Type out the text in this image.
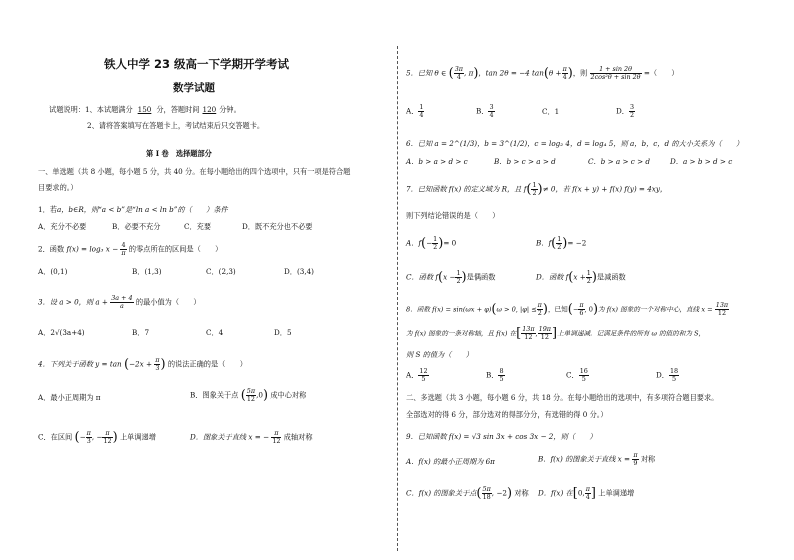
铁人中学 23 级高一下学期开学考试
数学试题
试题说明：1、本试题满分 150 分，答题时间 120 分钟。
2、请将答案填写在答题卡上，考试结束后只交答题卡。
第 Ⅰ 卷　选择题部分
一、单选题（共 8 小题，每小题 5 分，共 40 分。在每小题给出的四个选项中，只有一项是符合题
目要求的。）
1．若a，b∈R，则“a < b”是“ln a < ln b”的（　　）条件
A．充分不必要	B．必要不充分	C．充要	D．既不充分也不必要
2．函数 f(x) = log₃ $x - \frac{4}{\pi}$ 的零点所在的区间是（　　）
A．(0,1)	B．(1,3)	C．(2,3)	D．(3,4)
3．设 a > 0，则 $a + \frac{3a + 4}{a}$ 的最小值为（　　）
A．2√(3a+4)	B．7	C．4	D．5
4．下列关于函数 $y = \tan (-2x + \frac{\pi}{3}$ ) 的说法正确的是（　　）
A．最小正周期为 π	B．图象关于点 ( $\frac{5\pi}{12} ,0$) 成中心对称
C．在区间 (− $\frac{\pi}{3}$ , − $\frac{\pi}{12}$ ) 上单调递增	D．图象关于直线 x = − $\frac{\pi}{12}$ 成轴对称
5．已知 θ ∈ ( $\frac{3\pi}{4}$ , π)，tan 2θ = −4 $\tan(\theta + \frac{\pi}{4}$ )，则 $\frac{1 + \sin 2\theta}{\text{2cos²θ + sin 2θ}}$ =（　　）
A． $\frac{1}{4}$	B． $\frac{3}{4}$	C．1	D． $\frac{3}{2}$
6．已知 a = 2^(1/3)，b = 3^(1/2)，c = log₂ 4，d = log₄ 5，则 a，b，c，d 的大小关系为（　　）
A．b > a > d > c	B．b > c > a > d	C．b > a > c > d	D．a > b > d > c
7．已知函数 f(x) 的定义域为 R，且 $f( \frac{1}{2}$ )≠ 0，若 f(x + y) + f(x) f(y) = 4xy，
则下列结论错误的是（　　）
A．$f(- \frac{1}{2}$ )= 0	B．$f( \frac{1}{2}$ )= −2
C．函数 $f(x - \frac{1}{2}$ )是偶函数	D．函数 $f(x + \frac{1}{2}$ )是减函数
8．函数 f(x) = sin(ωx + φ)(ω > 0, $|\varphi| \le \frac{\pi}{2}$ )，已知(− $\frac{\pi}{6}$ , 0)为 f(x) 图象的一个对称中心，直线 $x = \frac{13\pi}{12}$
为 f(x) 图象的一条对称轴，且 f(x) 在[ $\frac{13\pi}{12}$ , $\frac{19\pi}{12}$ ]上单调递减．记满足条件的所有 ω 的值的和为 S，
则 S 的值为（　　）
A． $\frac{12}{5}$	B． $\frac{8}{5}$	C． $\frac{16}{5}$	D． $\frac{18}{5}$
二、多选题（共 3 小题，每小题 6 分，共 18 分。在每小题给出的选项中，有多项符合题目要求。
全部选对的得 6 分，部分选对的得部分分，有选错的得 0 分。）
9．已知函数 f(x) = √3 sin 3x + cos 3x − 2，则（　　）
A．f(x) 的最小正周期为 6π	B．f(x) 的图象关于直线 $x = \frac{\pi}{9}$ 对称
C．f(x) 的图象关于点( $\frac{5\pi}{18}$ , −2) 对称 D．f(x) 在[0, $\frac{\pi}{4}$ ] 上单调递增
